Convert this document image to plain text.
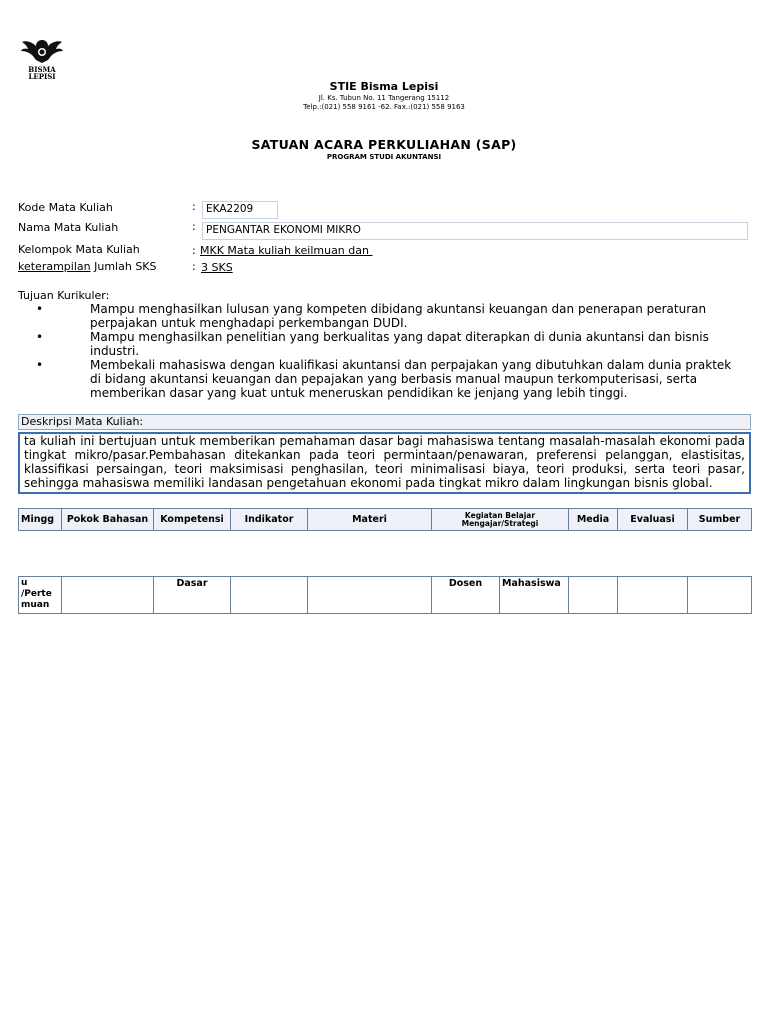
BISMA
LEPISI
STIE Bisma Lepisi
Jl. Ks. Tubun No. 11 Tangerang 15112
Telp.:(021) 558 9161 -62. Fax.:(021) 558 9163
SATUAN ACARA PERKULIAHAN (SAP)
PROGRAM STUDI AKUNTANSI
Kode Mata Kuliah	: EKA2209
Nama Mata Kuliah	: PENGANTAR EKONOMI MIKRO
Kelompok Mata Kuliah	: MKK Mata kuliah keilmuan dan
keterampilan Jumlah SKS	: 3 SKS
Tujuan Kurikuler:
•	Mampu menghasilkan lulusan yang kompeten dibidang akuntansi keuangan dan penerapan peraturan perpajakan untuk menghadapi perkembangan DUDI.
•	Mampu menghasilkan penelitian yang berkualitas yang dapat diterapkan di dunia akuntansi dan bisnis industri.
•	Membekali mahasiswa dengan kualifikasi akuntansi dan perpajakan yang dibutuhkan dalam dunia praktek di bidang akuntansi keuangan dan pepajakan yang berbasis manual maupun terkomputerisasi, serta memberikan dasar yang kuat untuk meneruskan pendidikan ke jenjang yang lebih tinggi.
Deskripsi Mata Kuliah:
ta kuliah ini bertujuan untuk memberikan pemahaman dasar bagi mahasiswa tentang masalah-masalah ekonomi pada tingkat mikro/pasar.Pembahasan ditekankan pada teori permintaan/penawaran, preferensi pelanggan, elastisitas, klassifikasi persaingan, teori maksimisasi penghasilan, teori minimalisasi biaya, teori produksi, serta teori pasar, sehingga mahasiswa memiliki landasan pengetahuan ekonomi pada tingkat mikro dalam lingkungan bisnis global.
Mingg	Pokok Bahasan	Kompetensi	Indikator	Materi	Kegiatan Belajar Mengajar/Strategi	Media	Evaluasi	Sumber
u
/Perte
muan		Dasar			Dosen	Mahasiswa			
